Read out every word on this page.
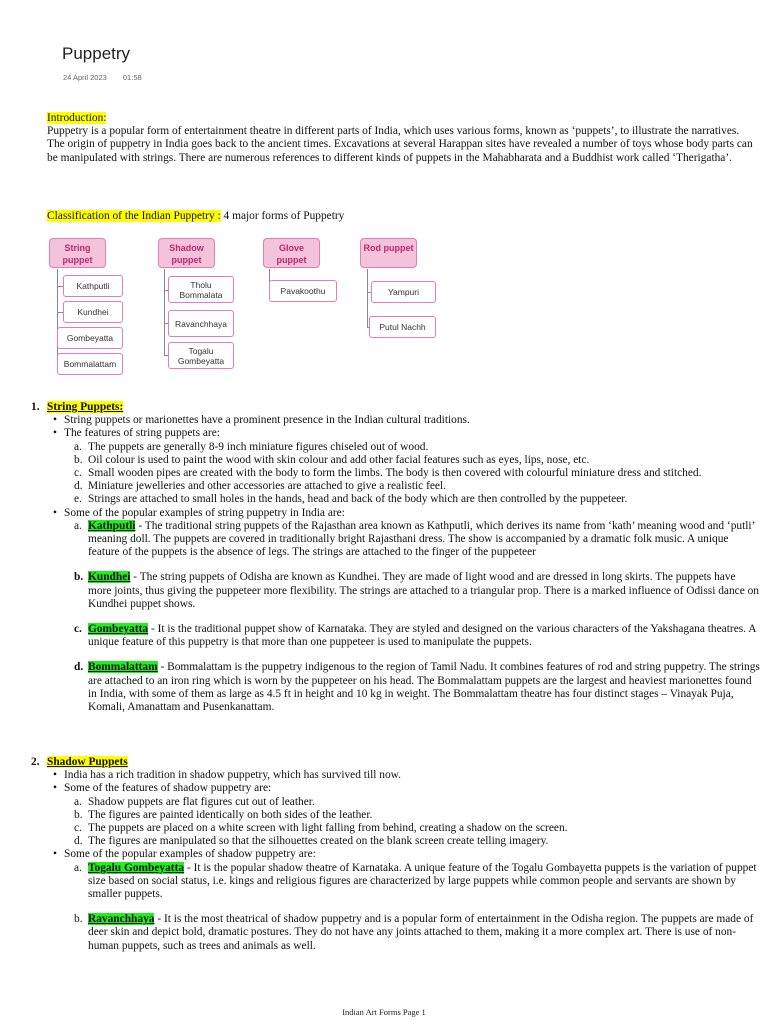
Puppetry
24 April 2023 01:58

Introduction:

Puppetry is a popular form of entertainment theatre in different parts of India, which uses various forms, known as ‘puppets’, to illustrate the narratives. The origin of puppetry in India goes back to the ancient times. Excavations at several Harappan sites have revealed a number of toys whose body parts can be manipulated with strings. There are numerous references to different kinds of puppets in the Mahabharata and a Buddhist work called ‘Therigatha’.

Classification of the Indian Puppetry : 4 major forms of Puppetry
String puppet
Kathputli
Kundhei
Gombeyatta
Bommalattam
Shadow puppet
Tholu Bommalata
Ravanchhaya
Togalu Gombeyatta
Glove puppet
Pavakoothu
Rod puppet
Yampuri
Putul Nachh
1. String Puppets:
• String puppets or marionettes have a prominent presence in the Indian cultural traditions.
• The features of string puppets are:
a. The puppets are generally 8-9 inch miniature figures chiseled out of wood.
b. Oil colour is used to paint the wood with skin colour and add other facial features such as eyes, lips, nose, etc.
c. Small wooden pipes are created with the body to form the limbs. The body is then covered with colourful miniature dress and stitched.
d. Miniature jewelleries and other accessories are attached to give a realistic feel.
e. Strings are attached to small holes in the hands, head and back of the body which are then controlled by the puppeteer.
• Some of the popular examples of string puppetry in India are:
a. Kathputli - The traditional string puppets of the Rajasthan area known as Kathputli, which derives its name from ‘kath’ meaning wood and ‘putli’ meaning doll. The puppets are covered in traditionally bright Rajasthani dress. The show is accompanied by a dramatic folk music. A unique feature of the puppets is the absence of legs. The strings are attached to the finger of the puppeteer
b. Kundhei - The string puppets of Odisha are known as Kundhei. They are made of light wood and are dressed in long skirts. The puppets have more joints, thus giving the puppeteer more flexibility. The strings are attached to a triangular prop. There is a marked influence of Odissi dance on Kundhei puppet shows.
c. Gombeyatta - It is the traditional puppet show of Karnataka. They are styled and designed on the various characters of the Yakshagana theatres. A unique feature of this puppetry is that more than one puppeteer is used to manipulate the puppets.
d. Bommalattam - Bommalattam is the puppetry indigenous to the region of Tamil Nadu. It combines features of rod and string puppetry. The strings are attached to an iron ring which is worn by the puppeteer on his head. The Bommalattam puppets are the largest and heaviest marionettes found in India, with some of them as large as 4.5 ft in height and 10 kg in weight. The Bommalattam theatre has four distinct stages – Vinayak Puja, Komali, Amanattam and Pusenkanattam.
2. Shadow Puppets
• India has a rich tradition in shadow puppetry, which has survived till now.
• Some of the features of shadow puppetry are:
a. Shadow puppets are flat figures cut out of leather.
b. The figures are painted identically on both sides of the leather.
c. The puppets are placed on a white screen with light falling from behind, creating a shadow on the screen.
d. The figures are manipulated so that the silhouettes created on the blank screen create telling imagery.
• Some of the popular examples of shadow puppetry are:
a. Togalu Gombeyatta - It is the popular shadow theatre of Karnataka. A unique feature of the Togalu Gombayetta puppets is the variation of puppet size based on social status, i.e. kings and religious figures are characterized by large puppets while common people and servants are shown by smaller puppets.
b. Ravanchhaya - It is the most theatrical of shadow puppetry and is a popular form of entertainment in the Odisha region. The puppets are made of deer skin and depict bold, dramatic postures. They do not have any joints attached to them, making it a more complex art. There is use of non-human puppets, such as trees and animals as well.
Indian Art Forms Page 1
